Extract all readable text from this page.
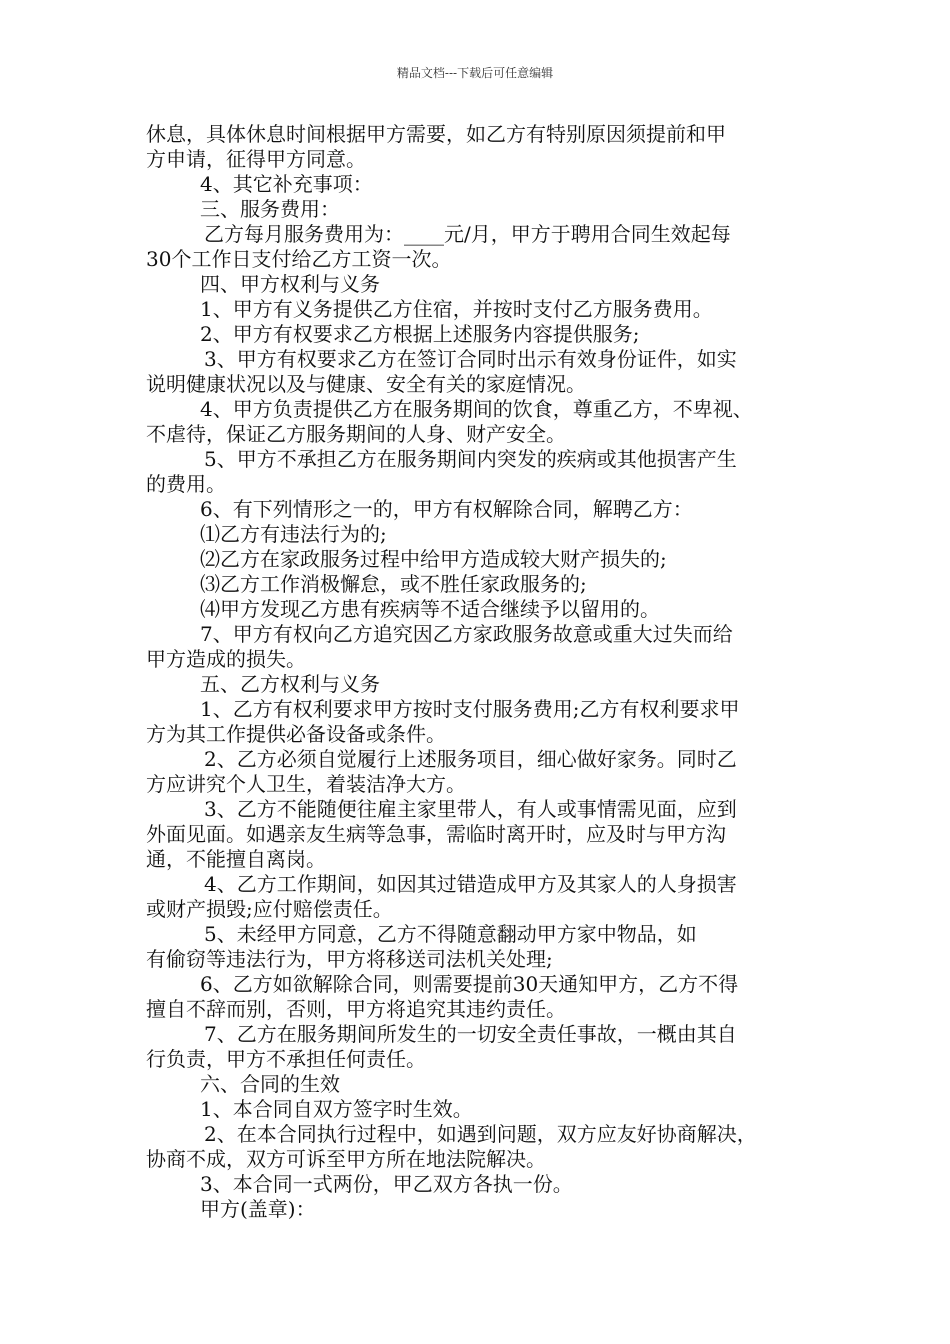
精品文档---下载后可任意编辑
休息，具体休息时间根据甲方需要，如乙方有特别原因须提前和甲
方申请，征得甲方同意。
4、其它补充事项：
三、服务费用：
乙方每月服务费用为：____元/月，甲方于聘用合同生效起每
30个工作日支付给乙方工资一次。
四、甲方权利与义务
1、甲方有义务提供乙方住宿，并按时支付乙方服务费用。
2、甲方有权要求乙方根据上述服务内容提供服务;
3、甲方有权要求乙方在签订合同时出示有效身份证件，如实
说明健康状况以及与健康、安全有关的家庭情况。
4、甲方负责提供乙方在服务期间的饮食，尊重乙方，不卑视、
不虐待，保证乙方服务期间的人身、财产安全。
5、甲方不承担乙方在服务期间内突发的疾病或其他损害产生
的费用。
6、有下列情形之一的，甲方有权解除合同，解聘乙方：
⑴乙方有违法行为的;
⑵乙方在家政服务过程中给甲方造成较大财产损失的;
⑶乙方工作消极懈怠，或不胜任家政服务的;
⑷甲方发现乙方患有疾病等不适合继续予以留用的。
7、甲方有权向乙方追究因乙方家政服务故意或重大过失而给
甲方造成的损失。
五、乙方权利与义务
1、乙方有权利要求甲方按时支付服务费用;乙方有权利要求甲
方为其工作提供必备设备或条件。
2、乙方必须自觉履行上述服务项目，细心做好家务。同时乙
方应讲究个人卫生，着装洁净大方。
3、乙方不能随便往雇主家里带人，有人或事情需见面，应到
外面见面。如遇亲友生病等急事，需临时离开时，应及时与甲方沟
通，不能擅自离岗。
4、乙方工作期间，如因其过错造成甲方及其家人的人身损害
或财产损毁;应付赔偿责任。
5、未经甲方同意，乙方不得随意翻动甲方家中物品，如
有偷窃等违法行为，甲方将移送司法机关处理;
6、乙方如欲解除合同，则需要提前30天通知甲方，乙方不得
擅自不辞而别，否则，甲方将追究其违约责任。
7、乙方在服务期间所发生的一切安全责任事故，一概由其自
行负责，甲方不承担任何责任。
六、合同的生效
1、本合同自双方签字时生效。
2、在本合同执行过程中，如遇到问题，双方应友好协商解决，
协商不成，双方可诉至甲方所在地法院解决。
3、本合同一式两份，甲乙双方各执一份。
甲方(盖章)：
